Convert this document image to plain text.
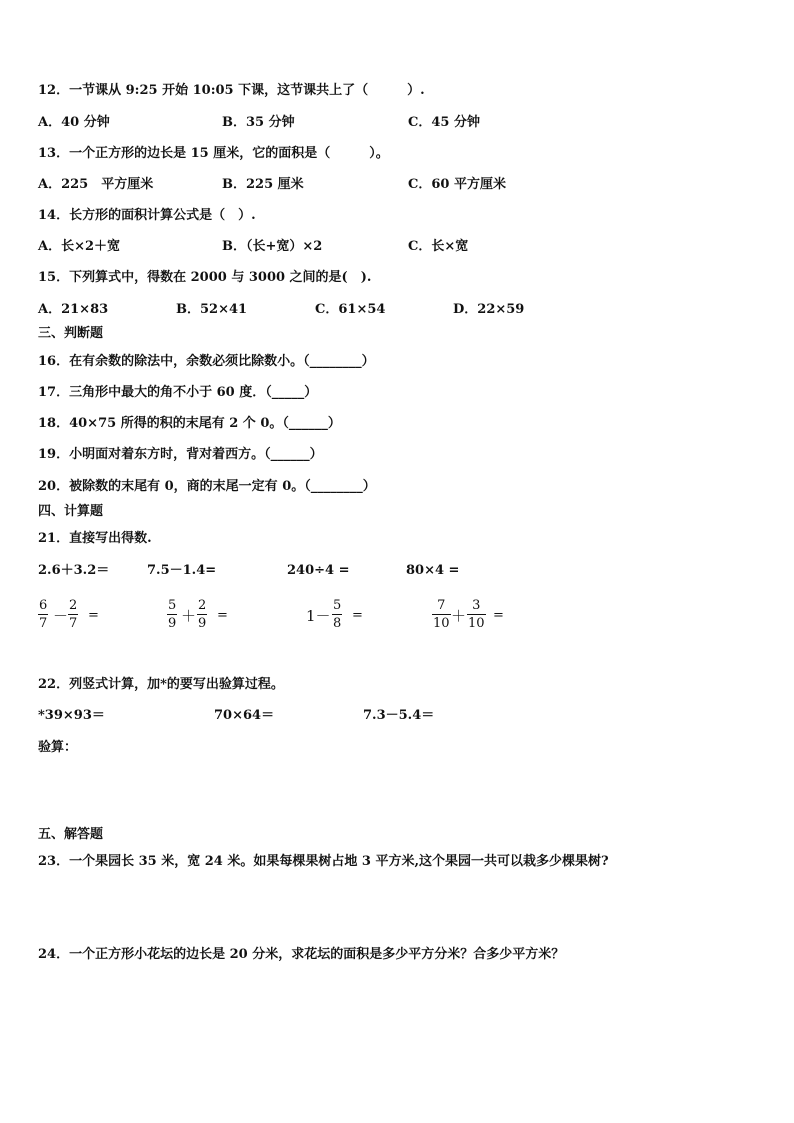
12．一节课从 9:25 开始 10:05 下课，这节课共上了（　　　）.
A．40 分钟	B．35 分钟	C．45 分钟
13．一个正方形的边长是 15 厘米，它的面积是（　　　）。
A．225　平方厘米	B．225 厘米	C．60 平方厘米
14．长方形的面积计算公式是（　）.
A．长×2＋宽	B．（长+宽）×2	C．长×宽
15．下列算式中，得数在 2000 与 3000 之间的是(　).
A．21×83	B．52×41	C．61×54	D．22×59
三、判断题
16．在有余数的除法中，余数必须比除数小。（________）
17．三角形中最大的角不小于 60 度．（_____）
18．40×75 所得的积的末尾有 2 个 0。（______）
19．小明面对着东方时，背对着西方。（______）
20．被除数的末尾有 0，商的末尾一定有 0。（________）
四、计算题
21．直接写出得数.
2.6＋3.2＝	7.5－1.4=	240÷4 =	80×4 =
6
7 －
2
7
=
5
9 ＋
2
9
=	1－
5
8
=
7
10 ＋
3
10
=
22．列竖式计算，加*的要写出验算过程。
*39×93＝	70×64＝	7.3－5.4＝
验算：
五、解答题
23．一个果园长 35 米，宽 24 米。如果每棵果树占地 3 平方米,这个果园一共可以栽多少棵果树?
24．一个正方形小花坛的边长是 20 分米，求花坛的面积是多少平方分米？合多少平方米？
